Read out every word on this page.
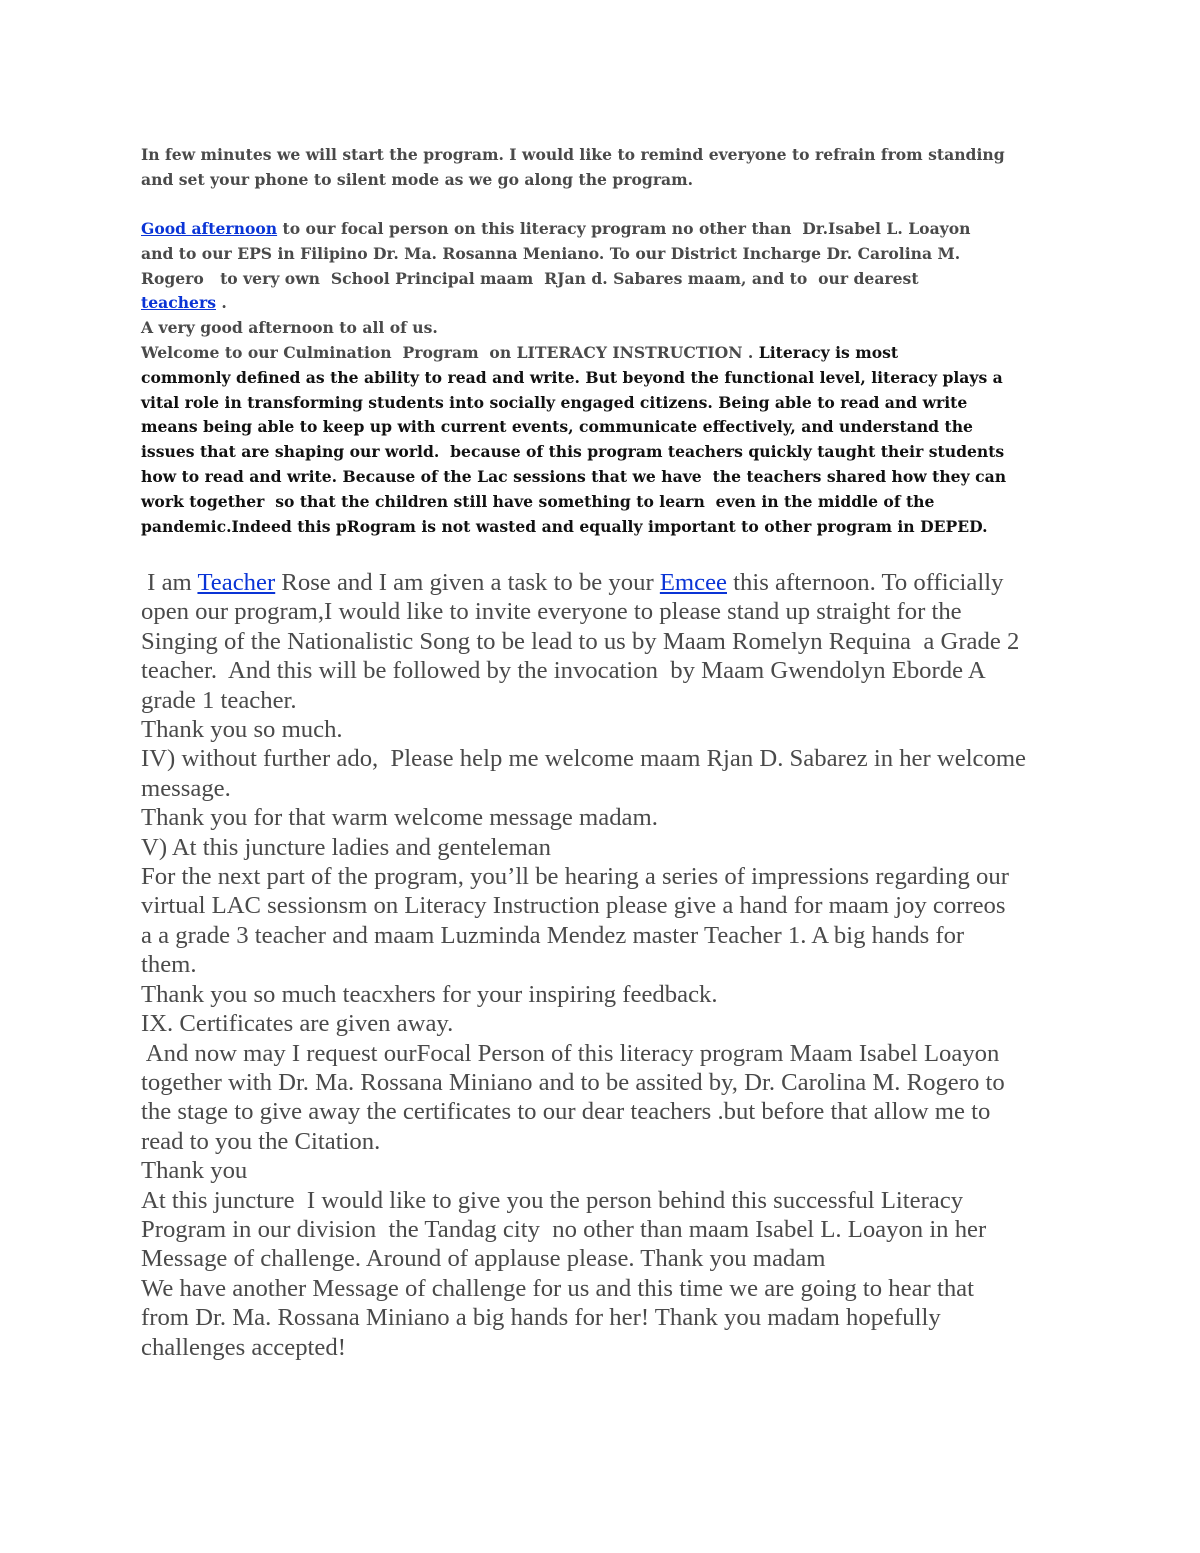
In few minutes we will start the program. I would like to remind everyone to refrain from standing
and set your phone to silent mode as we go along the program.
Good afternoon to our focal person on this literacy program no other than  Dr.Isabel L. Loayon
and to our EPS in Filipino Dr. Ma. Rosanna Meniano. To our District Incharge Dr. Carolina M.
Rogero   to very own  School Principal maam  RJan d. Sabares maam, and to  our dearest
teachers .
A very good afternoon to all of us.
Welcome to our Culmination  Program  on LITERACY INSTRUCTION . Literacy is most
commonly defined as the ability to read and write. But beyond the functional level, literacy plays a
vital role in transforming students into socially engaged citizens. Being able to read and write
means being able to keep up with current events, communicate effectively, and understand the
issues that are shaping our world.  because of this program teachers quickly taught their students
how to read and write. Because of the Lac sessions that we have  the teachers shared how they can
work together  so that the children still have something to learn  even in the middle of the
pandemic.Indeed this pRogram is not wasted and equally important to other program in DEPED.
I am Teacher Rose and I am given a task to be your Emcee this afternoon. To officially
open our program,I would like to invite everyone to please stand up straight for the
Singing of the Nationalistic Song to be lead to us by Maam Romelyn Requina  a Grade 2
teacher.  And this will be followed by the invocation  by Maam Gwendolyn Eborde A
grade 1 teacher.
Thank you so much.
IV) without further ado,  Please help me welcome maam Rjan D. Sabarez in her welcome
message.
Thank you for that warm welcome message madam.
V) At this juncture ladies and genteleman
For the next part of the program, you’ll be hearing a series of impressions regarding our
virtual LAC sessionsm on Literacy Instruction please give a hand for maam joy correos
a a grade 3 teacher and maam Luzminda Mendez master Teacher 1. A big hands for
them.
Thank you so much teacxhers for your inspiring feedback.
IX. Certificates are given away.
And now may I request ourFocal Person of this literacy program Maam Isabel Loayon
together with Dr. Ma. Rossana Miniano and to be assited by, Dr. Carolina M. Rogero to
the stage to give away the certificates to our dear teachers .but before that allow me to
read to you the Citation.
Thank you
At this juncture  I would like to give you the person behind this successful Literacy
Program in our division  the Tandag city  no other than maam Isabel L. Loayon in her
Message of challenge. Around of applause please. Thank you madam
We have another Message of challenge for us and this time we are going to hear that
from Dr. Ma. Rossana Miniano a big hands for her! Thank you madam hopefully
challenges accepted!
